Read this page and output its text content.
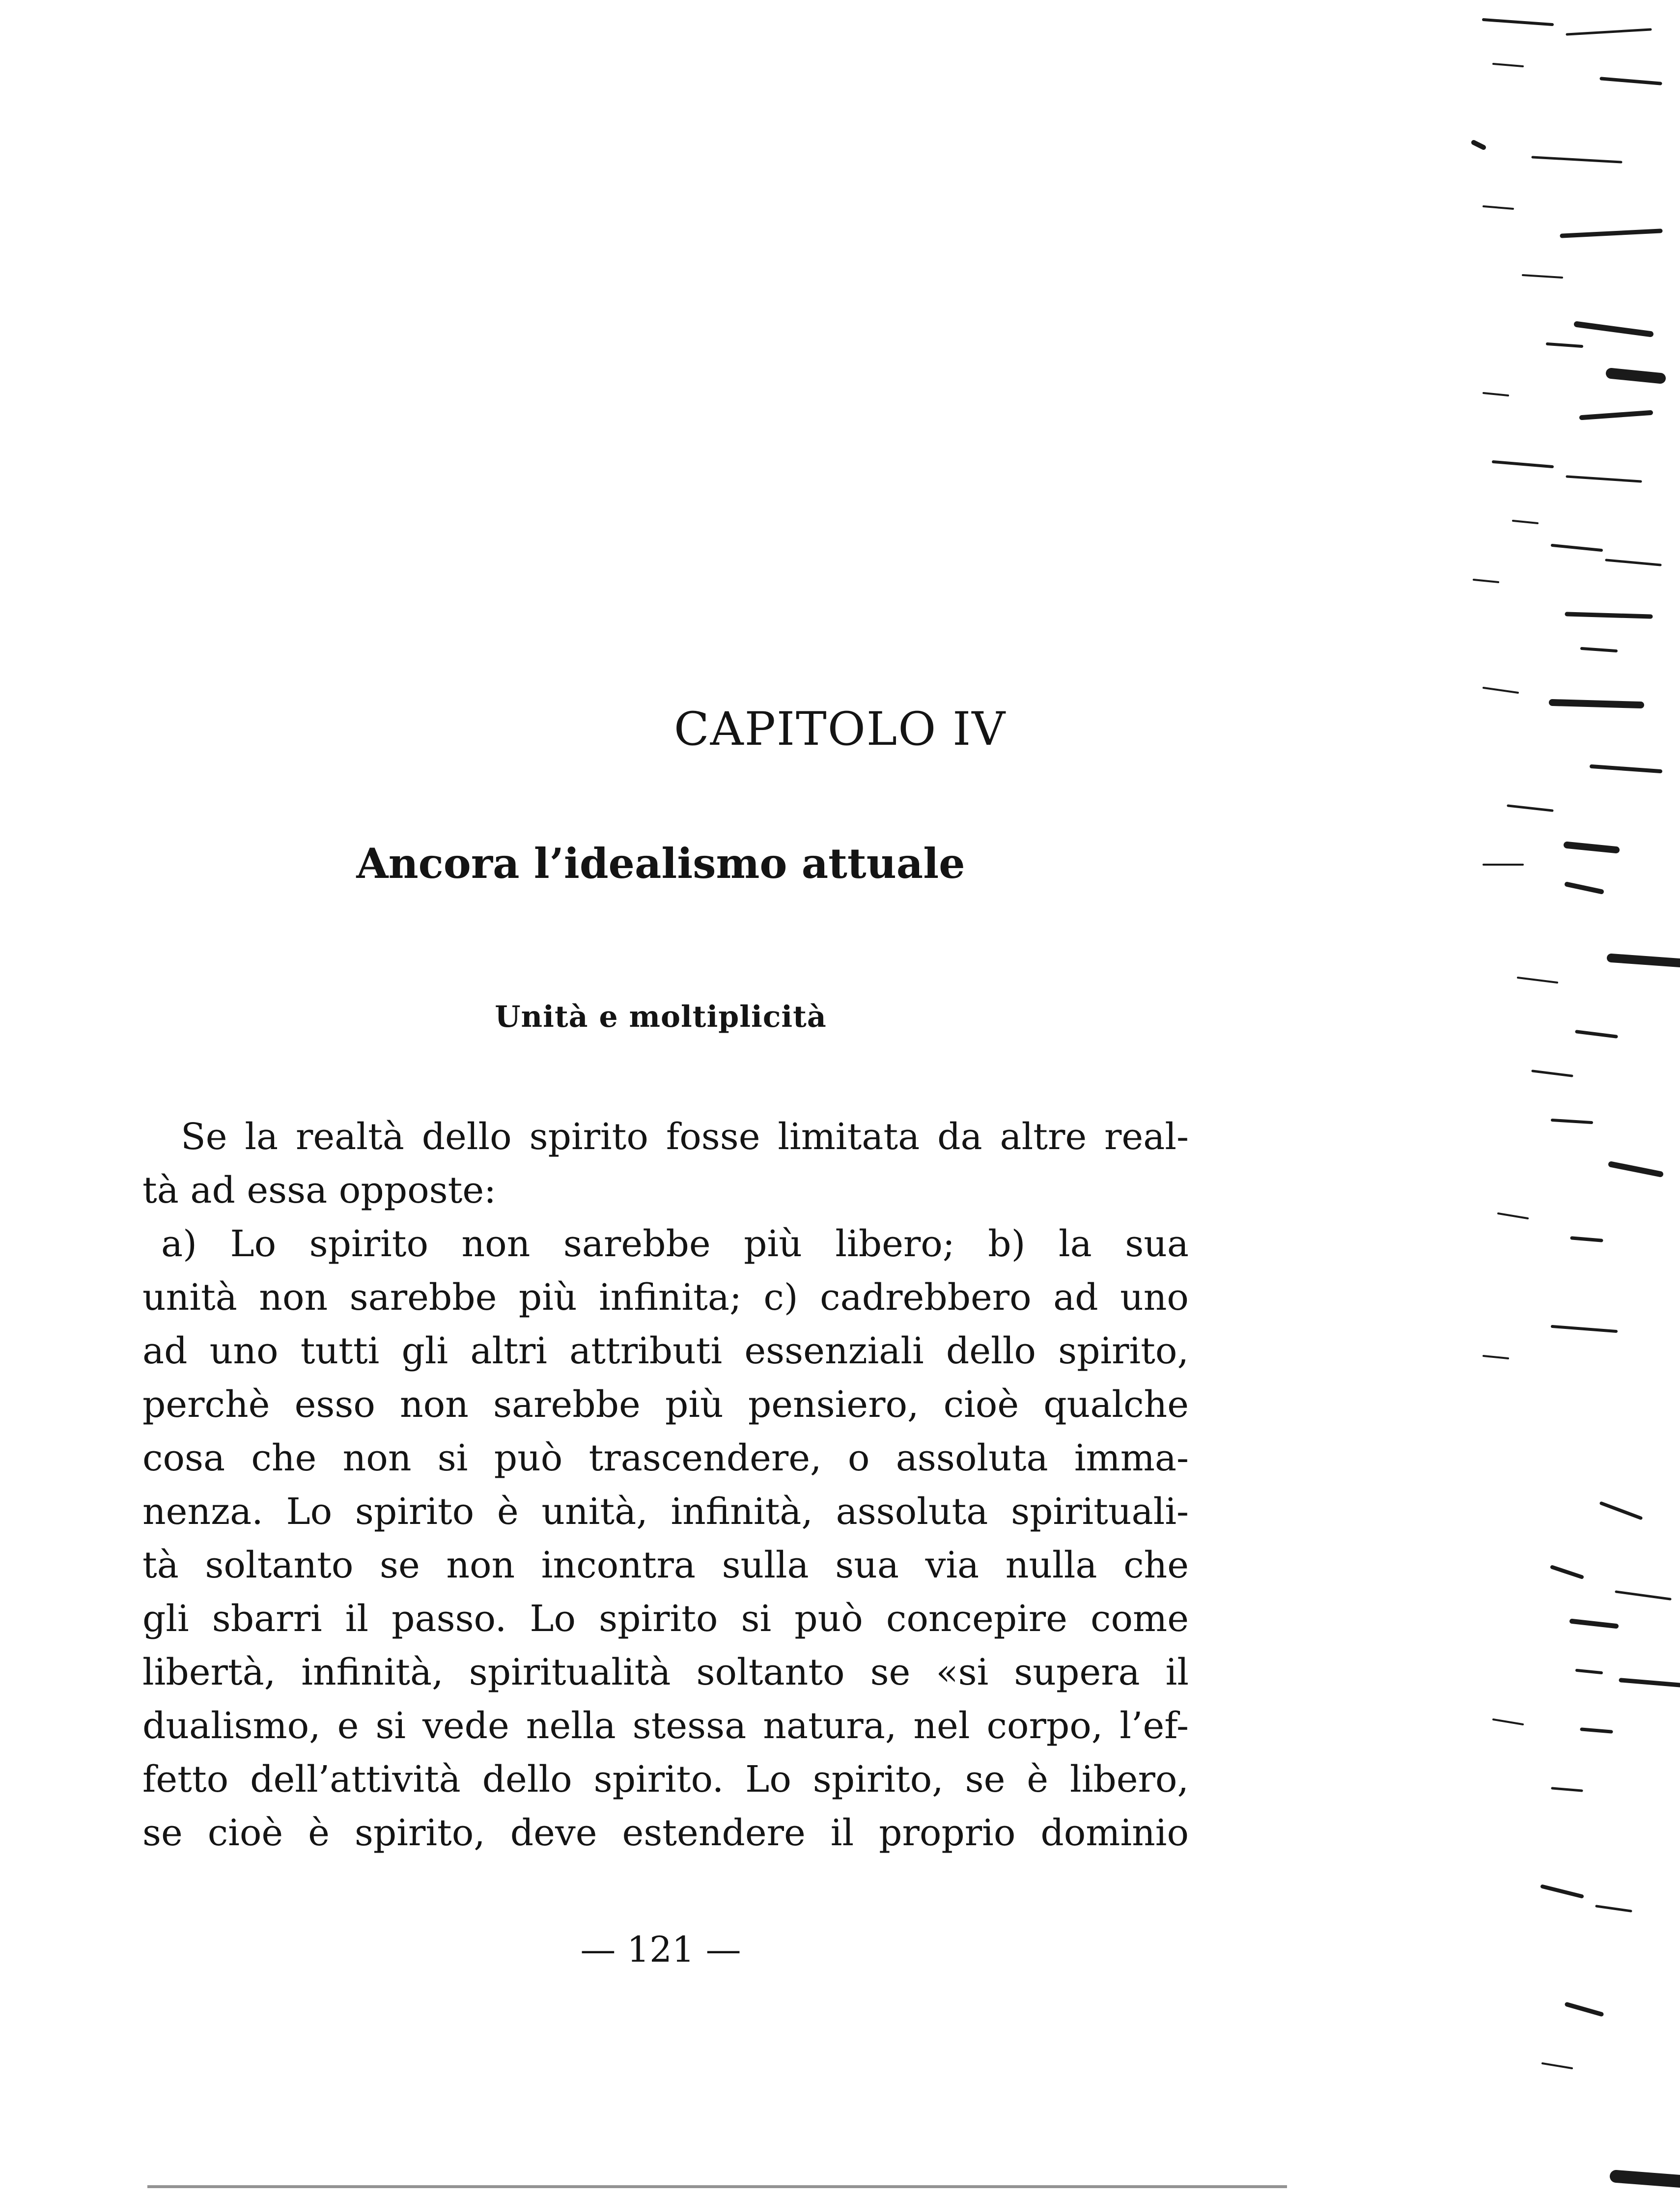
CAPITOLO IV
Ancora l’idealismo attuale
Unità e moltiplicità
Se la realtà dello spirito fosse limitata da altre real-
tà ad essa opposte:
a) Lo spirito non sarebbe più libero; b) la sua
unità non sarebbe più infinita; c) cadrebbero ad uno
ad uno tutti gli altri attributi essenziali dello spirito,
perchè esso non sarebbe più pensiero, cioè qualche
cosa che non si può trascendere, o assoluta imma-
nenza. Lo spirito è unità, infinità, assoluta spirituali-
tà soltanto se non incontra sulla sua via nulla che
gli sbarri il passo. Lo spirito si può concepire come
libertà, infinità, spiritualità soltanto se «si supera il
dualismo, e si vede nella stessa natura, nel corpo, l’ef-
fetto dell’attività dello spirito. Lo spirito, se è libero,
se cioè è spirito, deve estendere il proprio dominio
— 121 —
